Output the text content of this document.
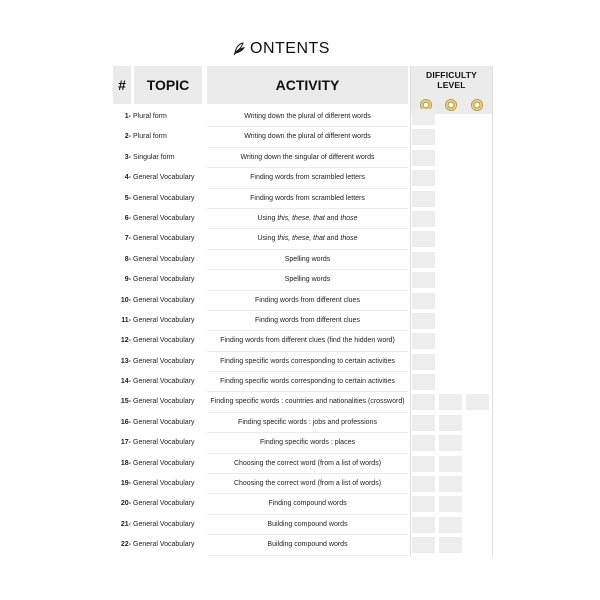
ONTENTS
#	TOPIC	ACTIVITY
DIFFICULTY LEVEL
1- Plural form	Writing down the plural of different words
2- Plural form	Writing down the plural of different words
3- Singular form	Writing down the singular of different words
4- General Vocabulary	Finding words from scrambled letters
5- General Vocabulary	Finding words from scrambled letters
6- General Vocabulary	Using this, these, that and those
7- General Vocabulary	Using this, these, that and those
8- General Vocabulary	Spelling words
9- General Vocabulary	Spelling words
10- General Vocabulary	Finding words from different clues
11- General Vocabulary	Finding words from different clues
12- General Vocabulary	Finding words from different clues (find the hidden word)
13- General Vocabulary	Finding specific words corresponding to certain activities
14- General Vocabulary	Finding specific words corresponding to certain activities
15- General Vocabulary	Finding specific words : countries and nationalities (crossword)
16- General Vocabulary	Finding specific words : jobs and professions
17- General Vocabulary	Finding specific words : places
18- General Vocabulary	Choosing the correct word (from a list of words)
19- General Vocabulary	Choosing the correct word (from a list of words)
20- General Vocabulary	Finding compound words
21- General Vocabulary	Building compound words
22- General Vocabulary	Building compound words
